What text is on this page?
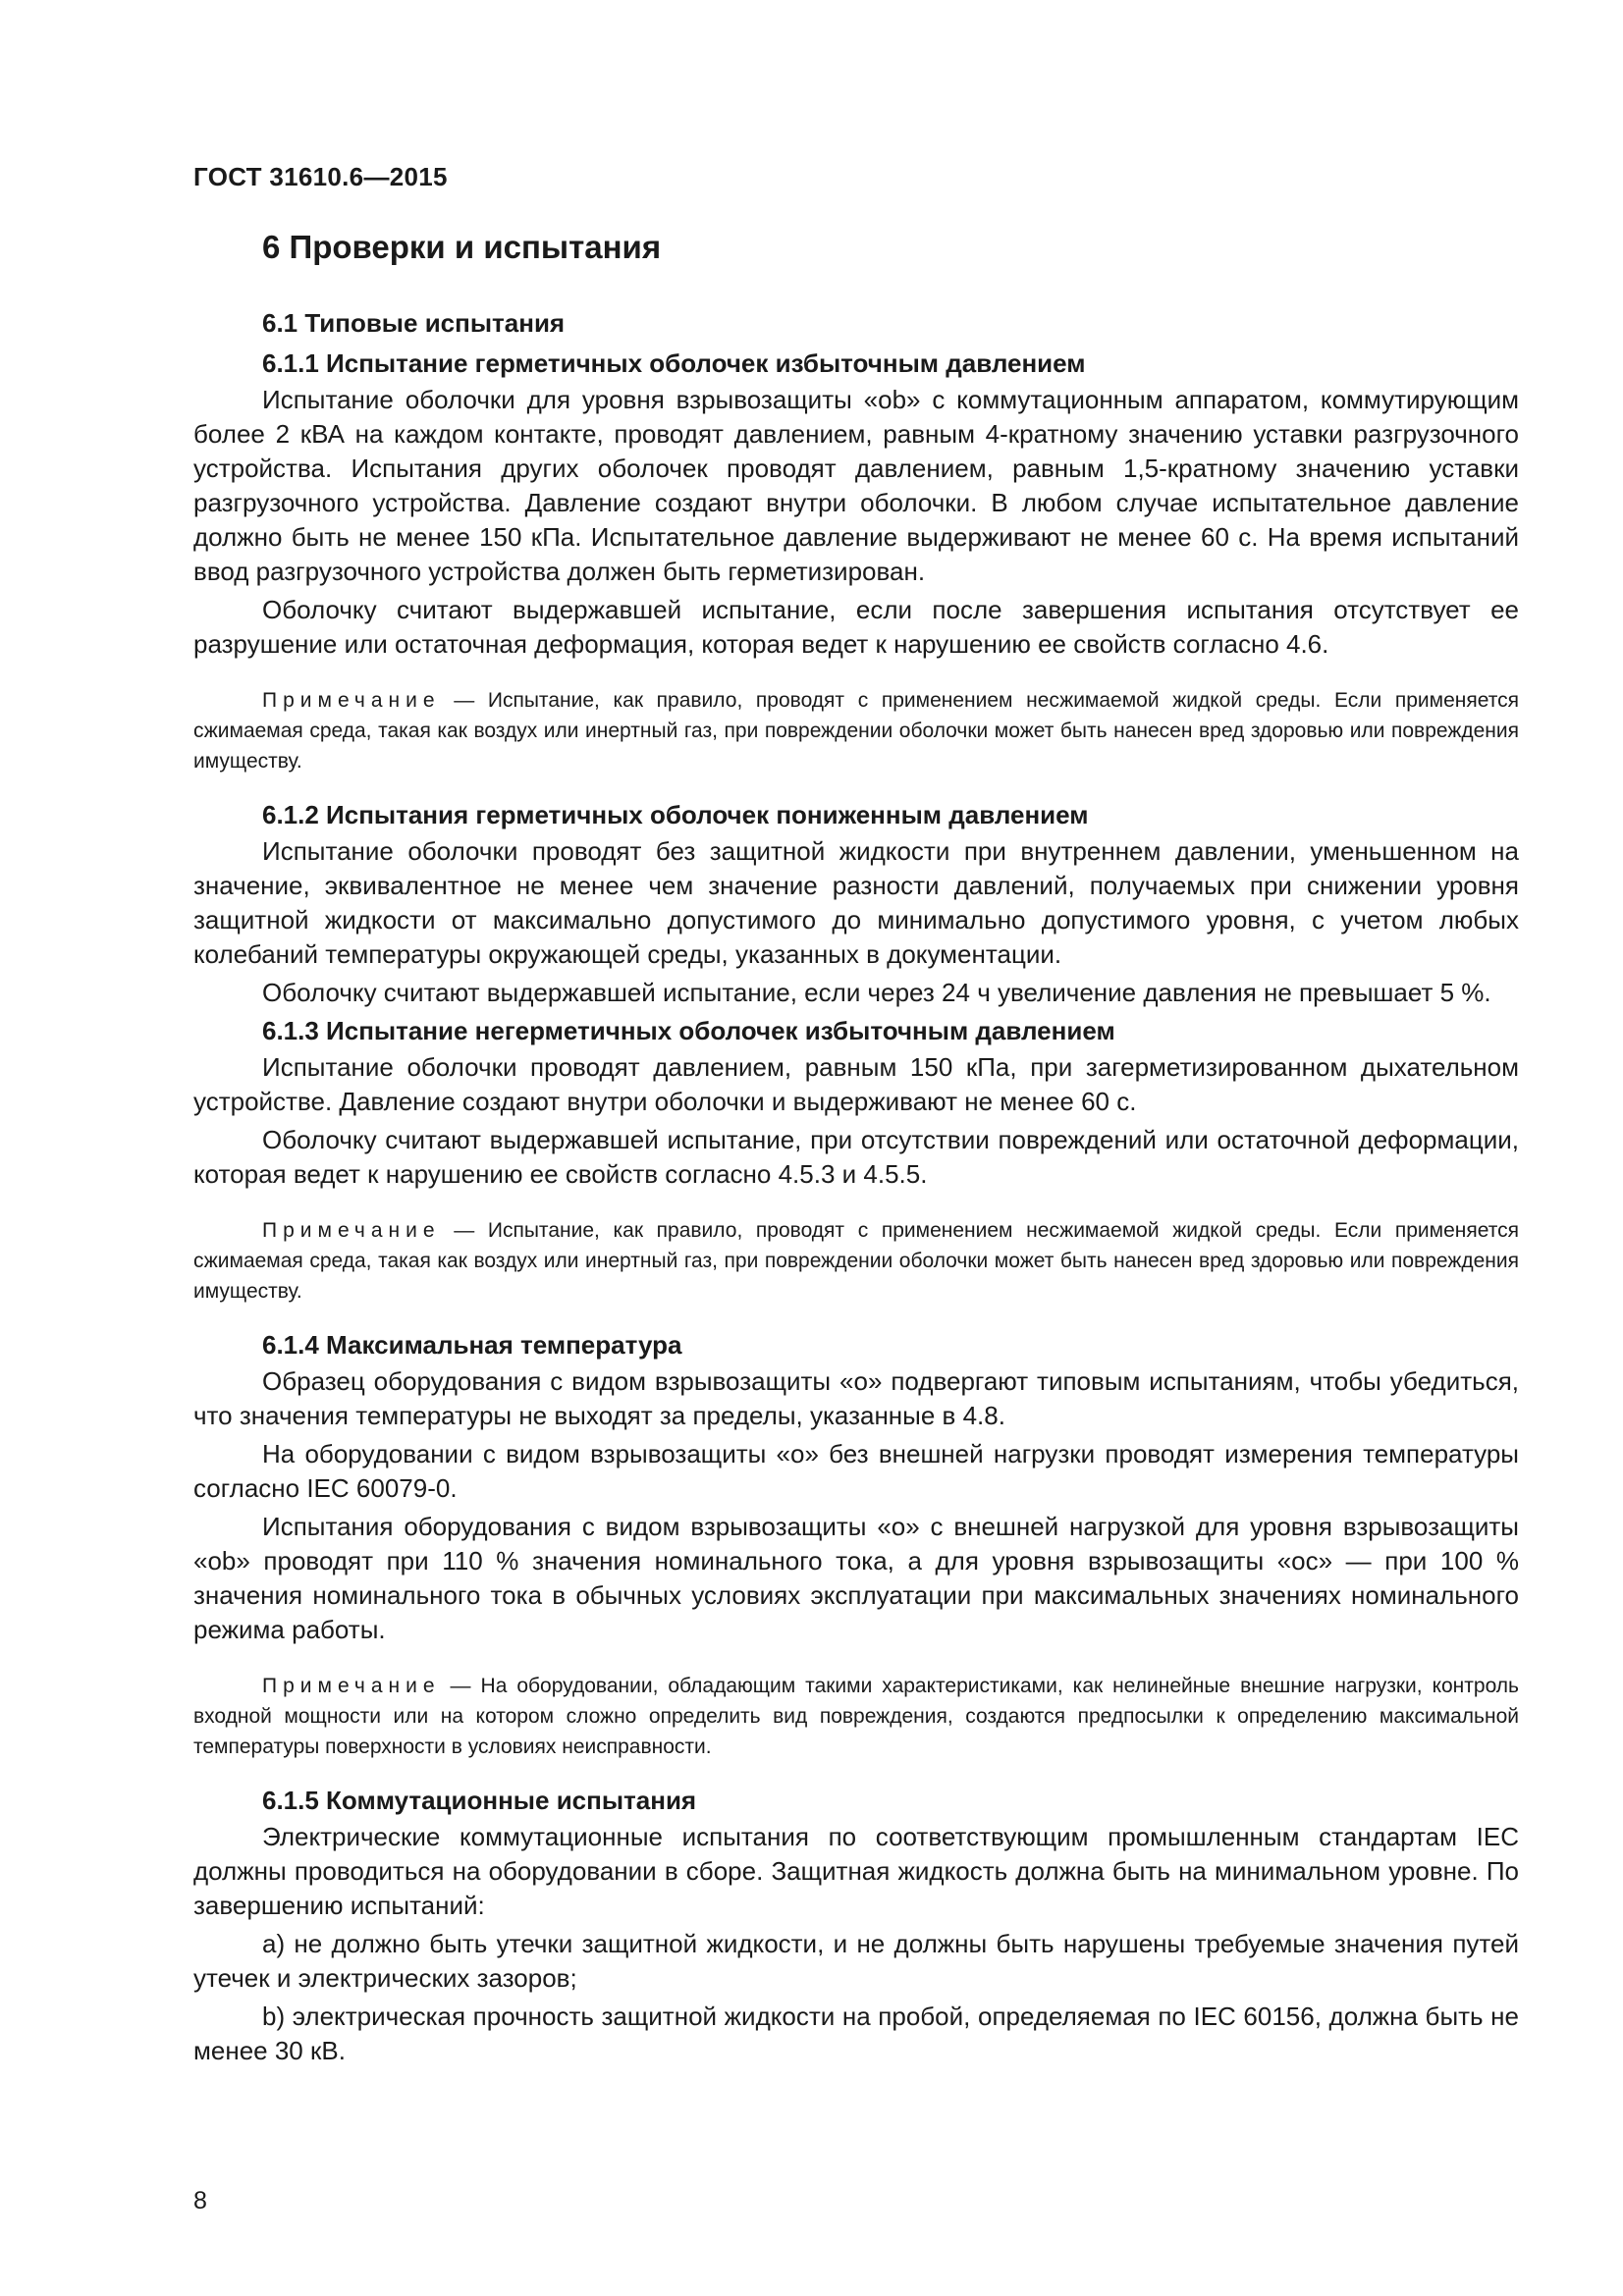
ГОСТ 31610.6—2015
6 Проверки и испытания
6.1 Типовые испытания
6.1.1 Испытание герметичных оболочек избыточным давлением

Испытание оболочки для уровня взрывозащиты «ob» с коммутационным аппаратом, коммутирующим более 2 кВА на каждом контакте, проводят давлением, равным 4-кратному значению уставки разгрузочного устройства. Испытания других оболочек проводят давлением, равным 1,5-кратному значению уставки разгрузочного устройства. Давление создают внутри оболочки. В любом случае испытательное давление должно быть не менее 150 кПа. Испытательное давление выдерживают не менее 60 с. На время испытаний ввод разгрузочного устройства должен быть герметизирован.

Оболочку считают выдержавшей испытание, если после завершения испытания отсутствует ее разрушение или остаточная деформация, которая ведет к нарушению ее свойств согласно 4.6.

Примечание — Испытание, как правило, проводят с применением несжимаемой жидкой среды. Если применяется сжимаемая среда, такая как воздух или инертный газ, при повреждении оболочки может быть нанесен вред здоровью или повреждения имуществу.
6.1.2 Испытания герметичных оболочек пониженным давлением

Испытание оболочки проводят без защитной жидкости при внутреннем давлении, уменьшенном на значение, эквивалентное не менее чем значение разности давлений, получаемых при снижении уровня защитной жидкости от максимально допустимого до минимально допустимого уровня, с учетом любых колебаний температуры окружающей среды, указанных в документации.

Оболочку считают выдержавшей испытание, если через 24 ч увеличение давления не превышает 5 %.

6.1.3 Испытание негерметичных оболочек избыточным давлением

Испытание оболочки проводят давлением, равным 150 кПа, при загерметизированном дыхательном устройстве. Давление создают внутри оболочки и выдерживают не менее 60 с.

Оболочку считают выдержавшей испытание, при отсутствии повреждений или остаточной деформации, которая ведет к нарушению ее свойств согласно 4.5.3 и 4.5.5.

Примечание — Испытание, как правило, проводят с применением несжимаемой жидкой среды. Если применяется сжимаемая среда, такая как воздух или инертный газ, при повреждении оболочки может быть нанесен вред здоровью или повреждения имуществу.
6.1.4 Максимальная температура

Образец оборудования с видом взрывозащиты «o» подвергают типовым испытаниям, чтобы убедиться, что значения температуры не выходят за пределы, указанные в 4.8.

На оборудовании с видом взрывозащиты «o» без внешней нагрузки проводят измерения температуры согласно IEC 60079-0.

Испытания оборудования с видом взрывозащиты «o» с внешней нагрузкой для уровня взрывозащиты «ob» проводят при 110 % значения номинального тока, а для уровня взрывозащиты «oc» — при 100 % значения номинального тока в обычных условиях эксплуатации при максимальных значениях номинального режима работы.

Примечание — На оборудовании, обладающим такими характеристиками, как нелинейные внешние нагрузки, контроль входной мощности или на котором сложно определить вид повреждения, создаются предпосылки к определению максимальной температуры поверхности в условиях неисправности.
6.1.5 Коммутационные испытания

Электрические коммутационные испытания по соответствующим промышленным стандартам IEC должны проводиться на оборудовании в сборе. Защитная жидкость должна быть на минимальном уровне. По завершению испытаний:

a) не должно быть утечки защитной жидкости, и не должны быть нарушены требуемые значения путей утечек и электрических зазоров;

b) электрическая прочность защитной жидкости на пробой, определяемая по IEC 60156, должна быть не менее 30 кВ.

8
